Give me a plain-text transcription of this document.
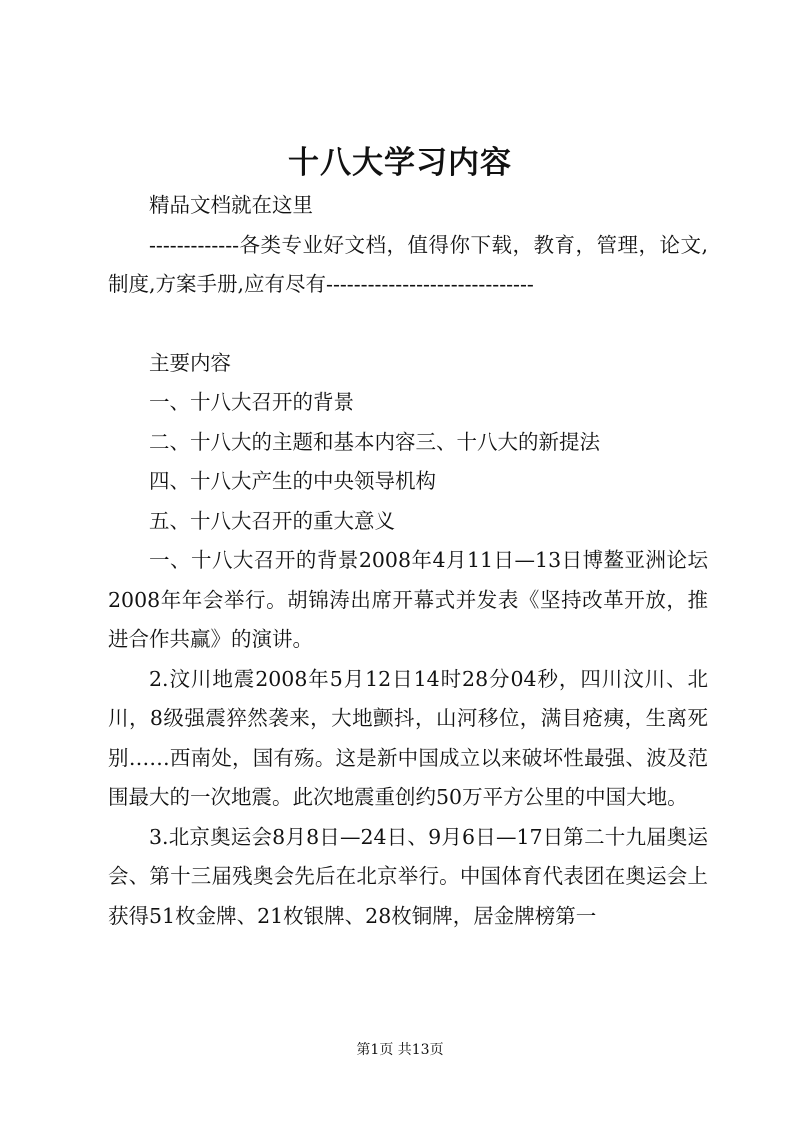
十八大学习内容

精品文档就在这里

-------------各类专业好文档，值得你下载，教育，管理，论文,制度,方案手册,应有尽有------------------------------

主要内容

一、十八大召开的背景

二、十八大的主题和基本内容三、十八大的新提法

四、十八大产生的中央领导机构

五、十八大召开的重大意义

一、十八大召开的背景2008年4月11日—13日博鳌亚洲论坛2008年年会举行。胡锦涛出席开幕式并发表《坚持改革开放，推进合作共赢》的演讲。

2.汶川地震2008年5月12日14时28分04秒，四川汶川、北川，8级强震猝然袭来，大地颤抖，山河移位，满目疮痍，生离死别……西南处，国有殇。这是新中国成立以来破坏性最强、波及范围最大的一次地震。此次地震重创约50万平方公里的中国大地。

3.北京奥运会8月8日—24日、9月6日—17日第二十九届奥运会、第十三届残奥会先后在北京举行。中国体育代表团在奥运会上获得51枚金牌、21枚银牌、28枚铜牌，居金牌榜第一

第1页 共13页
